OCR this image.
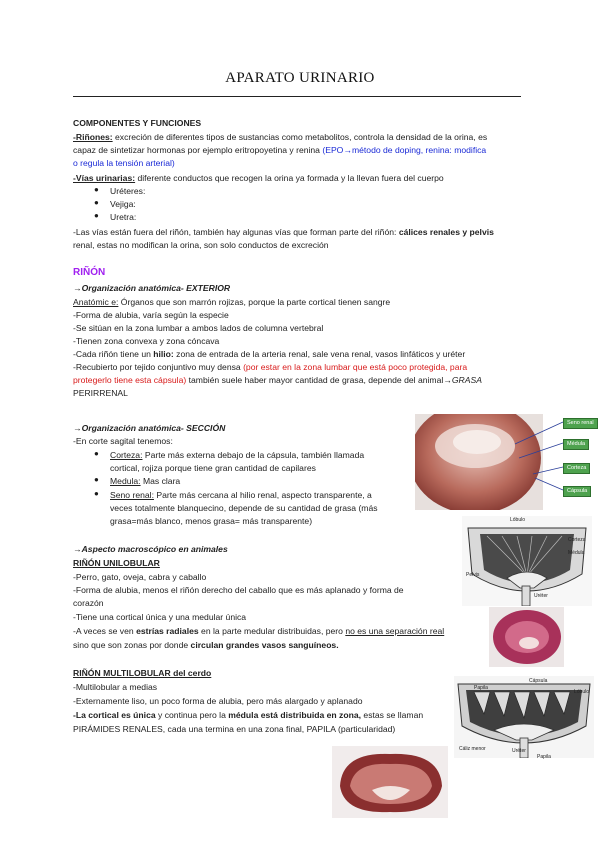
APARATO URINARIO
COMPONENTES Y FUNCIONES
-Riñones: excreción de diferentes tipos de sustancias como metabolitos, controla la densidad de la orina, es
capaz de sintetizar hormonas por ejemplo eritropoyetina y renina (EPO→método de doping, renina: modifica
o regula la tensión arterial)
-Vías urinarias: diferente conductos que recogen la orina ya formada y la llevan fuera del cuerpo
● Uréteres:
● Vejiga:
● Uretra:
-Las vías están fuera del riñón, también hay algunas vías que forman parte del riñón: cálices renales y pelvis
renal, estas no modifican la orina, son solo conductos de excreción
RIÑÓN
→Organización anatómica- EXTERIOR
Anatómic e: Órganos que son marrón rojizas, porque la parte cortical tienen sangre
-Forma de alubia, varía según la especie
-Se sitúan en la zona lumbar a ambos lados de columna vertebral
-Tienen zona convexa y zona cóncava
-Cada riñón tiene un hilio: zona de entrada de la arteria renal, sale vena renal, vasos linfáticos y uréter
-Recubierto por tejido conjuntivo muy densa (por estar en la zona lumbar que está poco protegida, para
protegerlo tiene esta cápsula) también suele haber mayor cantidad de grasa, depende del animal→GRASA
PERIRRENAL
→Organización anatómica- SECCIÓN
-En corte sagital tenemos:
● Corteza: Parte más externa debajo de la cápsula, también llamada
cortical, rojiza porque tiene gran cantidad de capilares
● Medula: Mas clara
● Seno renal: Parte más cercana al hilio renal, aspecto transparente, a
veces totalmente blanquecino, depende de su cantidad de grasa (más
grasa=más blanco, menos grasa= más transparente)
→Aspecto macroscópico en animales
RIÑÓN UNILOBULAR
-Perro, gato, oveja, cabra y caballo
-Forma de alubia, menos el riñón derecho del caballo que es más aplanado y forma de
corazón
-Tiene una cortical única y una medular única
-A veces se ven estrías radiales en la parte medular distribuidas, pero no es una separación real
sino que son zonas por donde circulan grandes vasos sanguíneos.
RIÑÓN MULTILOBULAR del cerdo
-Multilobular a medias
-Externamente liso, un poco forma de alubia, pero más alargado y aplanado
-La cortical es única y continua pero la médula está distribuida en zona, estas se llaman
PIRÁMIDES RENALES, cada una termina en una zona final, PAPILA (particularidad)
Seno renal
Médula
Corteza
Cápsula
Lóbulo
Corteza
Médula
Pelvis
Uréter
Cápsula
Papila
Lóbulo
Cáliz menor	Uréter
Papila
